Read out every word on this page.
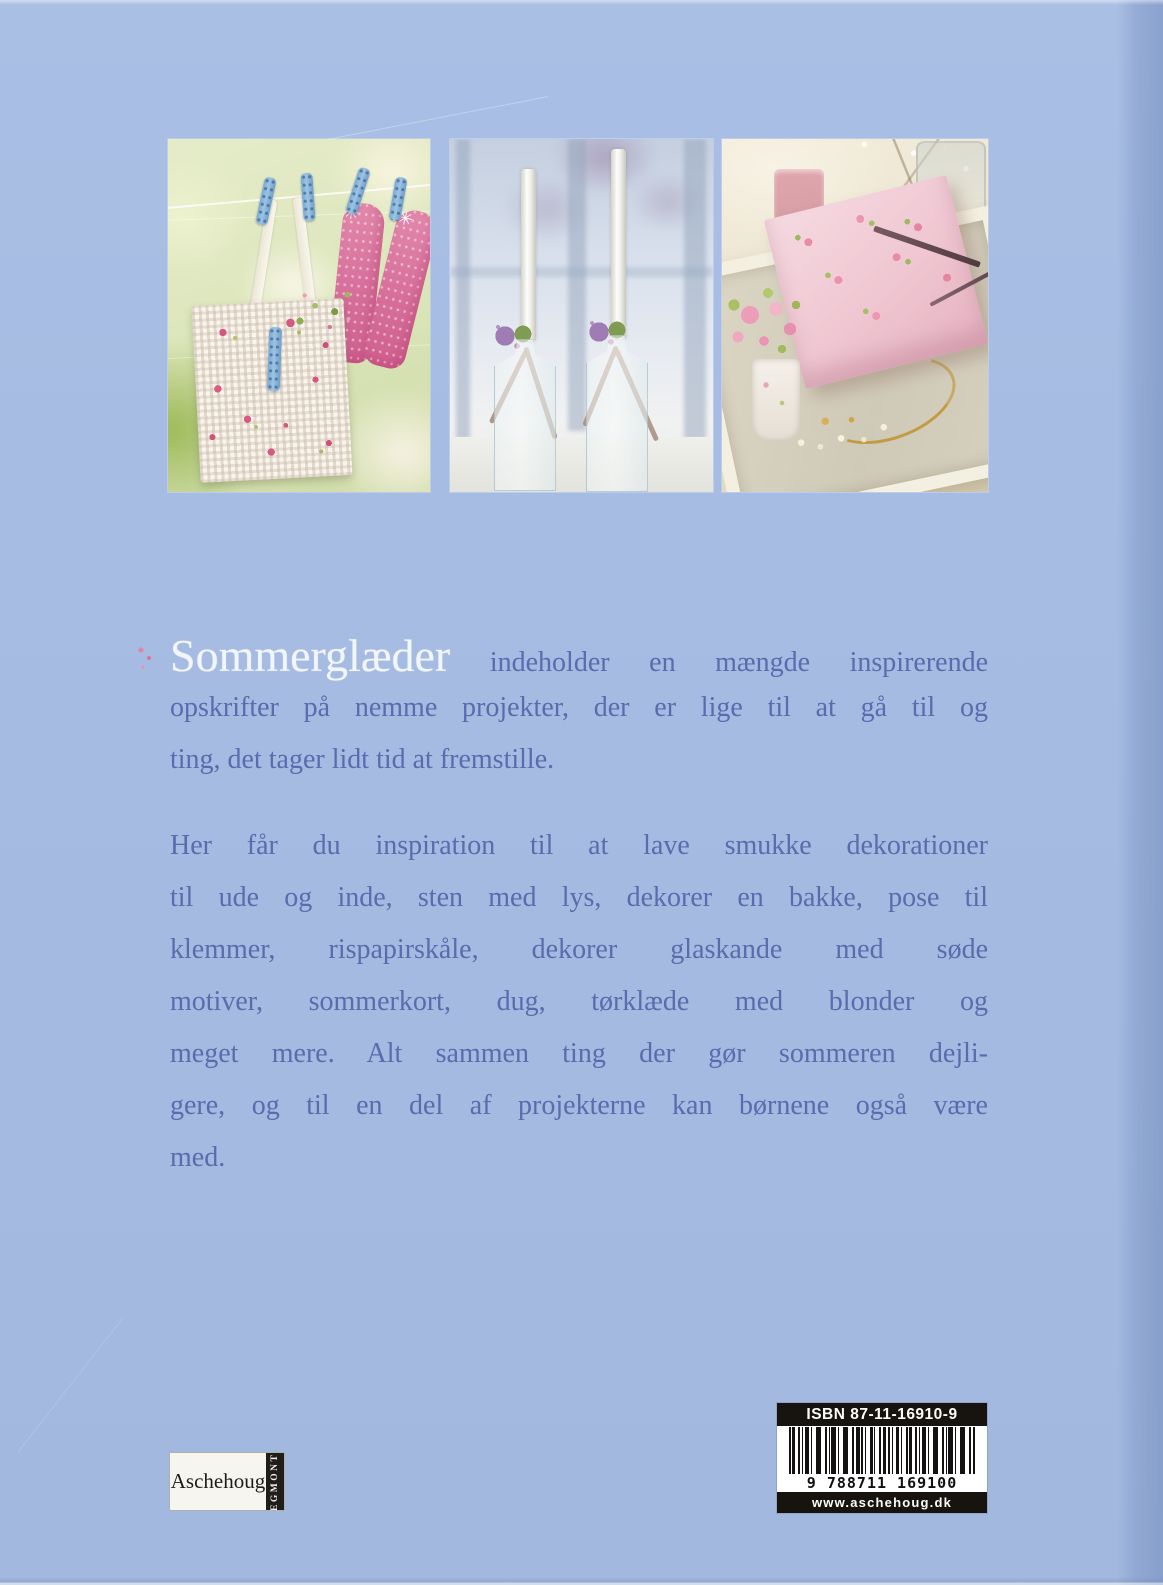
✳
✳
Sommerglæder indeholder en mængde inspirerende
opskrifter på nemme projekter, der er lige til at gå til og
ting, det tager lidt tid at fremstille.
Her får du inspiration til at lave smukke dekorationer
til ude og inde, sten med lys, dekorer en bakke, pose til
klemmer, rispapirskåle, dekorer glaskande med søde
motiver, sommerkort, dug, tørklæde med blonder og
meget mere. Alt sammen ting der gør sommeren dejli-
gere, og til en del af projekterne kan børnene også være
med.
Aschehoug EGMONT
ISBN 87-11-16910-9
9 788711 169100
www.aschehoug.dk
